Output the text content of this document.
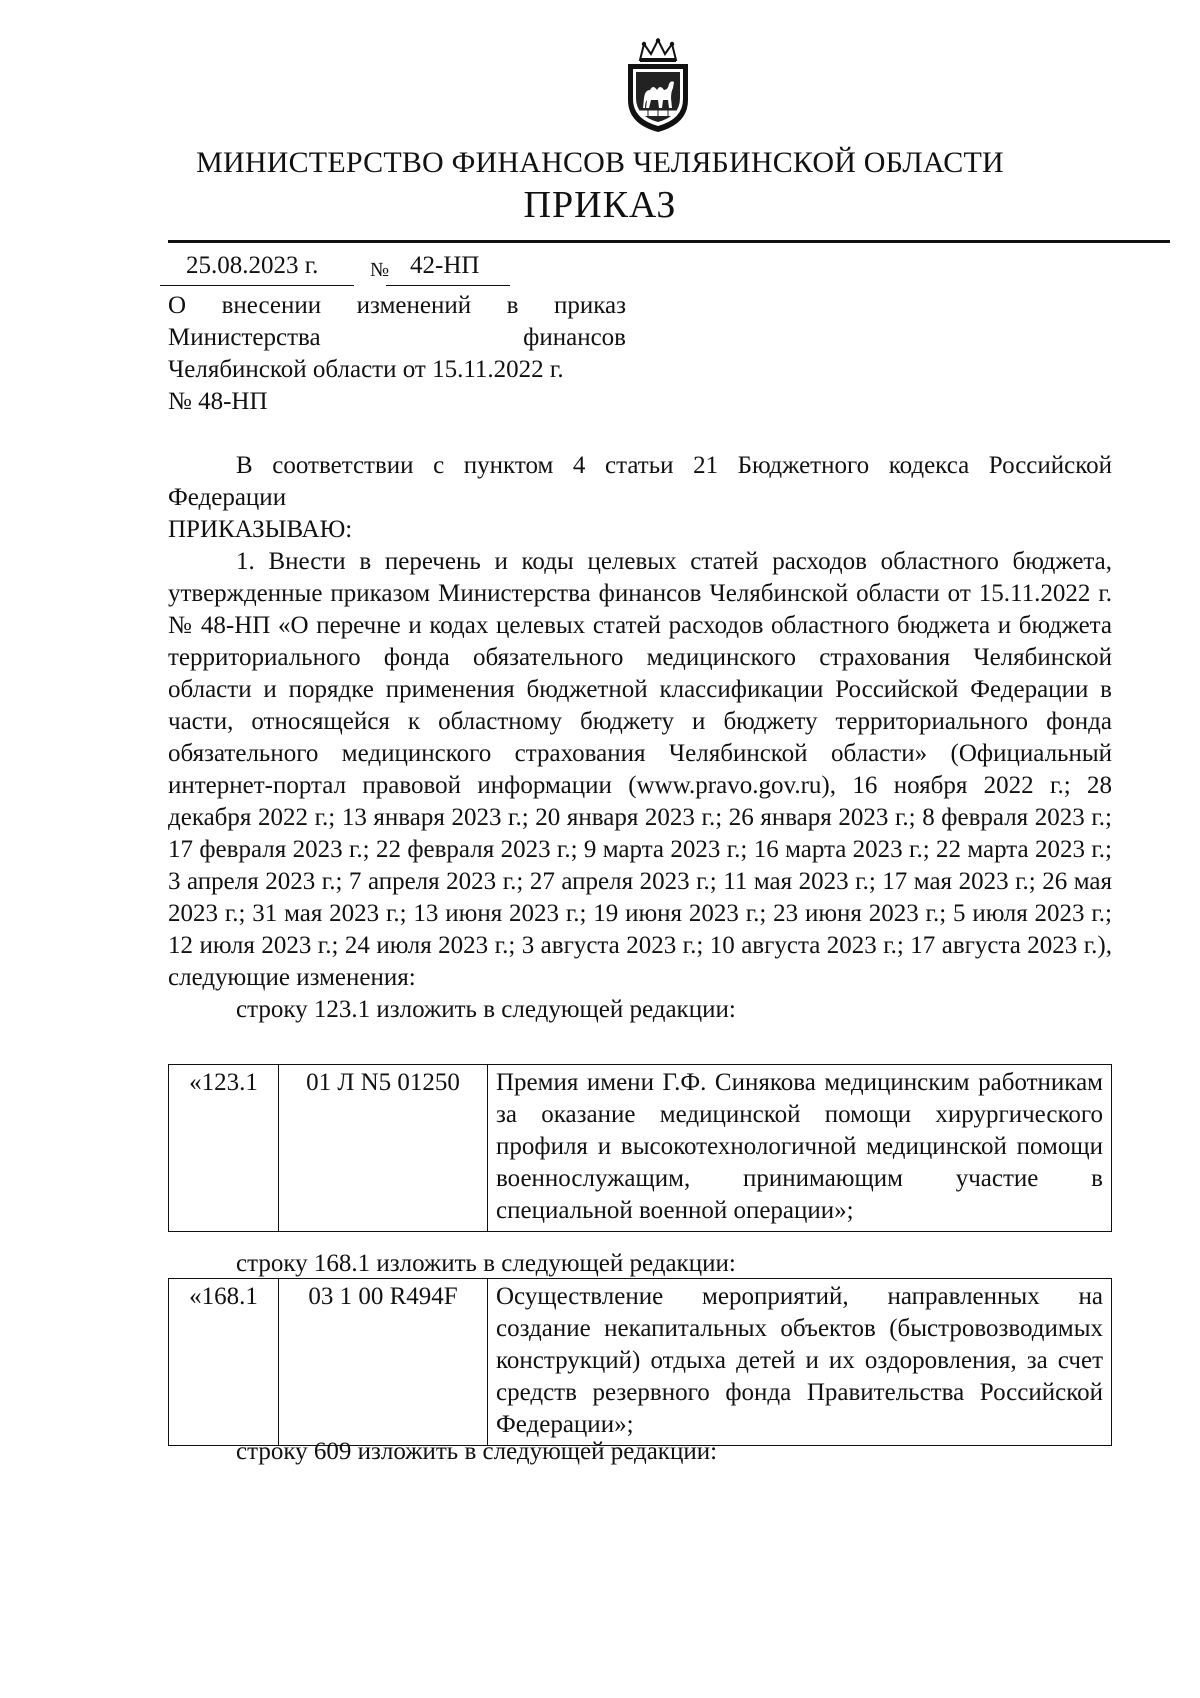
МИНИСТЕРСТВО ФИНАНСОВ ЧЕЛЯБИНСКОЙ ОБЛАСТИ
ПРИКАЗ
25.08.2023 г.	№ 42-НП
О внесении изменений в приказ
Министерства финансов
Челябинской области от 15.11.2022 г.
№ 48-НП

В соответствии с пунктом 4 статьи 21 Бюджетного кодекса Российской Федерации

ПРИКАЗЫВАЮ:

1. Внести в перечень и коды целевых статей расходов областного бюджета, утвержденные приказом Министерства финансов Челябинской области от 15.11.2022 г. № 48-НП «О перечне и кодах целевых статей расходов областного бюджета и бюджета территориального фонда обязательного медицинского страхования Челябинской области и порядке применения бюджетной классификации Российской Федерации в части, относящейся к областному бюджету и бюджету территориального фонда обязательного медицинского страхования Челябинской области» (Официальный интернет-портал правовой информации (www.pravo.gov.ru), 16 ноября 2022 г.; 28 декабря 2022 г.; 13 января 2023 г.; 20 января 2023 г.; 26 января 2023 г.; 8 февраля 2023 г.; 17 февраля 2023 г.; 22 февраля 2023 г.; 9 марта 2023 г.; 16 марта 2023 г.; 22 марта 2023 г.; 3 апреля 2023 г.; 7 апреля 2023 г.; 27 апреля 2023 г.; 11 мая 2023 г.; 17 мая 2023 г.; 26 мая 2023 г.; 31 мая 2023 г.; 13 июня 2023 г.; 19 июня 2023 г.; 23 июня 2023 г.; 5 июля 2023 г.; 12 июля 2023 г.; 24 июля 2023 г.; 3 августа 2023 г.; 10 августа 2023 г.; 17 августа 2023 г.), следующие изменения:

строку 123.1 изложить в следующей редакции:

«123.1	01 Л N5 01250	Премия имени Г.Ф. Синякова медицинским работникам за оказание медицинской помощи хирургического профиля и высокотехнологичной медицинской помощи военнослужащим, принимающим участие в специальной военной операции»;

строку 168.1 изложить в следующей редакции:

«168.1	03 1 00 R494F	Осуществление мероприятий, направленных на создание некапитальных объектов (быстровозводимых конструкций) отдыха детей и их оздоровления, за счет средств резервного фонда Правительства Российской Федерации»;

строку 609 изложить в следующей редакции:
